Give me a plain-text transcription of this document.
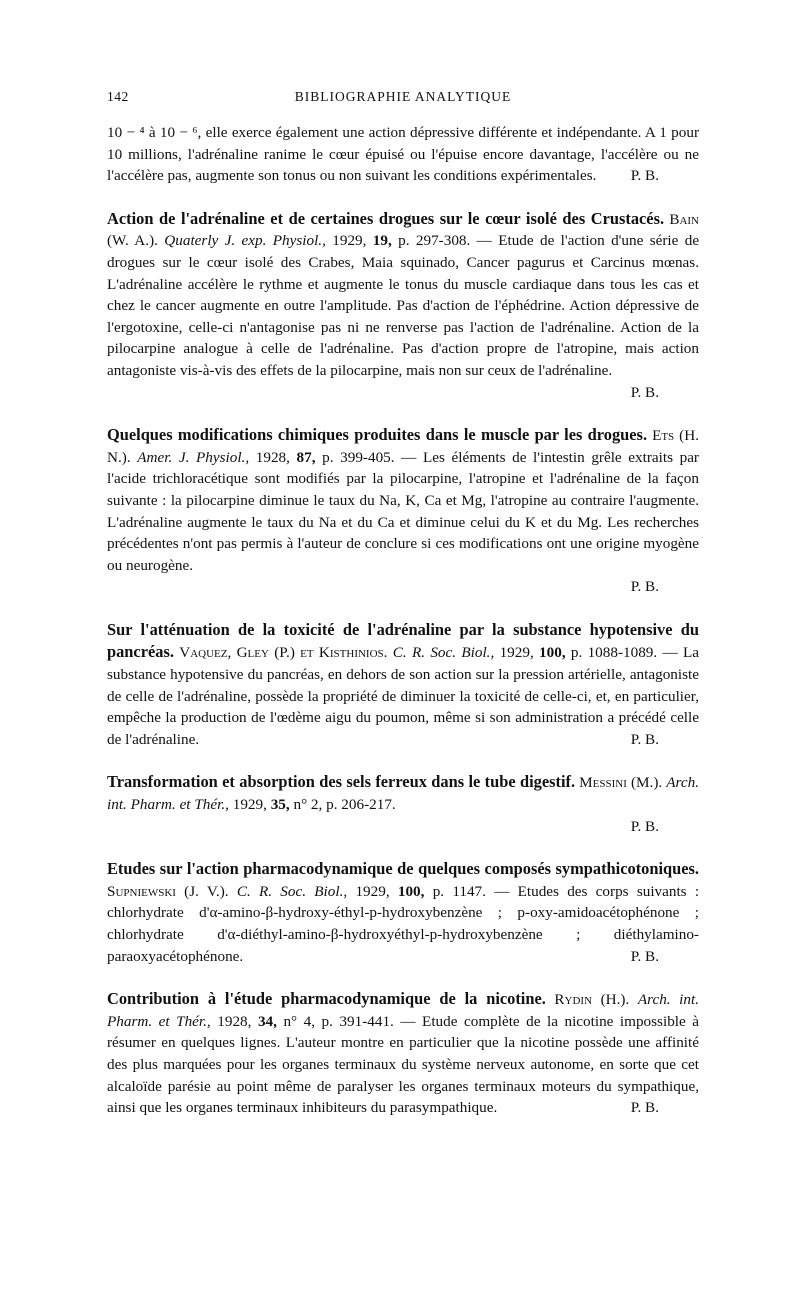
142	BIBLIOGRAPHIE ANALYTIQUE
10 − ⁴ à 10 − ⁶, elle exerce également une action dépressive différente et indépendante. A 1 pour 10 millions, l'adrénaline ranime le cœur épuisé ou l'épuise encore davantage, l'accélère ou ne l'accélère pas, augmente son tonus ou non suivant les conditions expérimentales. P. B.

Action de l'adrénaline et de certaines drogues sur le cœur isolé des Crustacés. Bain (W. A.). Quaterly J. exp. Physiol., 1929, 19, p. 297-308. — Etude de l'action d'une série de drogues sur le cœur isolé des Crabes, Maia squinado, Cancer pagurus et Carcinus mœnas. L'adrénaline accélère le rythme et augmente le tonus du muscle cardiaque dans tous les cas et chez le cancer augmente en outre l'amplitude. Pas d'action de l'éphédrine. Action dépressive de l'ergotoxine, celle-ci n'antagonise pas ni ne renverse pas l'action de l'adrénaline. Action de la pilocarpine analogue à celle de l'adrénaline. Pas d'action propre de l'atropine, mais action antagoniste vis-à-vis des effets de la pilocarpine, mais non sur ceux de l'adrénaline.

P. B.

Quelques modifications chimiques produites dans le muscle par les drogues. Ets (H. N.). Amer. J. Physiol., 1928, 87, p. 399-405. — Les éléments de l'intestin grêle extraits par l'acide trichloracétique sont modifiés par la pilocarpine, l'atropine et l'adrénaline de la façon suivante : la pilocarpine diminue le taux du Na, K, Ca et Mg, l'atropine au contraire l'augmente. L'adrénaline augmente le taux du Na et du Ca et diminue celui du K et du Mg. Les recherches précédentes n'ont pas permis à l'auteur de conclure si ces modifications ont une origine myogène ou neurogène.

P. B.

Sur l'atténuation de la toxicité de l'adrénaline par la substance hypotensive du pancréas. Vaquez, Gley (P.) et Kisthinios. C. R. Soc. Biol., 1929, 100, p. 1088-1089. — La substance hypotensive du pancréas, en dehors de son action sur la pression artérielle, antagoniste de celle de l'adrénaline, possède la propriété de diminuer la toxicité de celle-ci, et, en particulier, empêche la production de l'œdème aigu du poumon, même si son administration a précédé celle de l'adrénaline.	P. B.

Transformation et absorption des sels ferreux dans le tube digestif. Messini (M.). Arch. int. Pharm. et Thér., 1929, 35, n° 2, p. 206-217.

P. B.

Etudes sur l'action pharmacodynamique de quelques composés sympathicotoniques. Supniewski (J. V.). C. R. Soc. Biol., 1929, 100, p. 1147. — Etudes des corps suivants : chlorhydrate d'α-amino-β-hydroxy-éthyl-p-hydroxybenzène ; p-oxy-amidoacétophénone ; chlorhydrate d'α-diéthyl-amino-β-hydroxyéthyl-p-hydroxybenzène ; diéthylamino-paraoxyacétophénone.	P. B.

Contribution à l'étude pharmacodynamique de la nicotine. Rydin (H.). Arch. int. Pharm. et Thér., 1928, 34, n° 4, p. 391-441. — Etude complète de la nicotine impossible à résumer en quelques lignes. L'auteur montre en particulier que la nicotine possède une affinité des plus marquées pour les organes terminaux du système nerveux autonome, en sorte que cet alcaloïde parésie au point même de paralyser les organes terminaux moteurs du sympathique, ainsi que les organes terminaux inhibiteurs du parasympathique.	P. B.
